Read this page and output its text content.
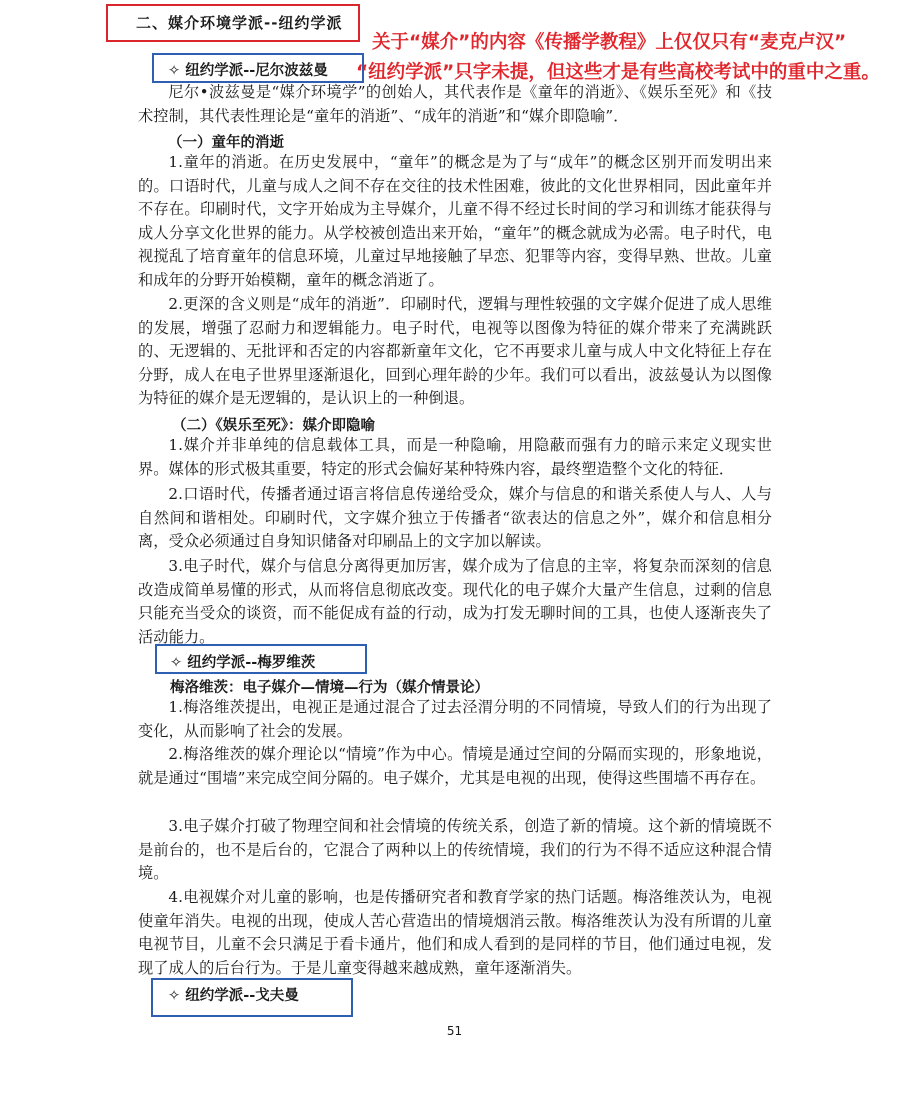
二、媒介环境学派--纽约学派
关于“媒介”的内容《传播学教程》上仅仅只有“麦克卢汉”
“纽约学派”只字未提，但这些才是有些高校考试中的重中之重。
✧ 纽约学派--尼尔波兹曼
尼尔•波兹曼是“媒介环境学”的创始人，其代表作是《童年的消逝》、《娱乐至死》和《技术控制，其代表性理论是“童年的消逝”、“成年的消逝”和“媒介即隐喻”．
（一）童年的消逝
1.童年的消逝。在历史发展中，“童年”的概念是为了与“成年”的概念区别开而发明出来的。口语时代，儿童与成人之间不存在交往的技术性困难，彼此的文化世界相同，因此童年并不存在。印刷时代，文字开始成为主导媒介，儿童不得不经过长时间的学习和训练才能获得与成人分享文化世界的能力。从学校被创造出来开始，“童年”的概念就成为必需。电子时代，电视搅乱了培育童年的信息环境，儿童过早地接触了早恋、犯罪等内容，变得早熟、世故。儿童和成年的分野开始模糊，童年的概念消逝了。
2.更深的含义则是“成年的消逝”．印刷时代，逻辑与理性较强的文字媒介促进了成人思维的发展，增强了忍耐力和逻辑能力。电子时代，电视等以图像为特征的媒介带来了充满跳跃的、无逻辑的、无批评和否定的内容都新童年文化，它不再要求儿童与成人中文化特征上存在分野，成人在电子世界里逐渐退化，回到心理年龄的少年。我们可以看出，波兹曼认为以图像为特征的媒介是无逻辑的，是认识上的一种倒退。
（二）《娱乐至死》：媒介即隐喻
1.媒介并非单纯的信息载体工具，而是一种隐喻，用隐蔽而强有力的暗示来定义现实世界。媒体的形式极其重要，特定的形式会偏好某种特殊内容，最终塑造整个文化的特征．
2.口语时代，传播者通过语言将信息传递给受众，媒介与信息的和谐关系使人与人、人与自然间和谐相处。印刷时代，文字媒介独立于传播者“欲表达的信息之外”，媒介和信息相分离，受众必须通过自身知识储备对印刷品上的文字加以解读。
3.电子时代，媒介与信息分离得更加厉害，媒介成为了信息的主宰，将复杂而深刻的信息改造成简单易懂的形式，从而将信息彻底改变。现代化的电子媒介大量产生信息，过剩的信息只能充当受众的谈资，而不能促成有益的行动，成为打发无聊时间的工具，也使人逐渐丧失了活动能力。
✧ 纽约学派--梅罗维茨
梅洛维茨：电子媒介—情境—行为（媒介情景论）
1.梅洛维茨提出，电视正是通过混合了过去泾渭分明的不同情境，导致人们的行为出现了变化，从而影响了社会的发展。
2.梅洛维茨的媒介理论以“情境”作为中心。情境是通过空间的分隔而实现的，形象地说，就是通过“围墙”来完成空间分隔的。电子媒介，尤其是电视的出现，使得这些围墙不再存在。
3.电子媒介打破了物理空间和社会情境的传统关系，创造了新的情境。这个新的情境既不是前台的，也不是后台的，它混合了两种以上的传统情境，我们的行为不得不适应这种混合情境。
4.电视媒介对儿童的影响，也是传播研究者和教育学家的热门话题。梅洛维茨认为，电视使童年消失。电视的出现，使成人苦心营造出的情境烟消云散。梅洛维茨认为没有所谓的儿童电视节目，儿童不会只满足于看卡通片，他们和成人看到的是同样的节目，他们通过电视，发现了成人的后台行为。于是儿童变得越来越成熟，童年逐渐消失。
✧ 纽约学派--戈夫曼
51
